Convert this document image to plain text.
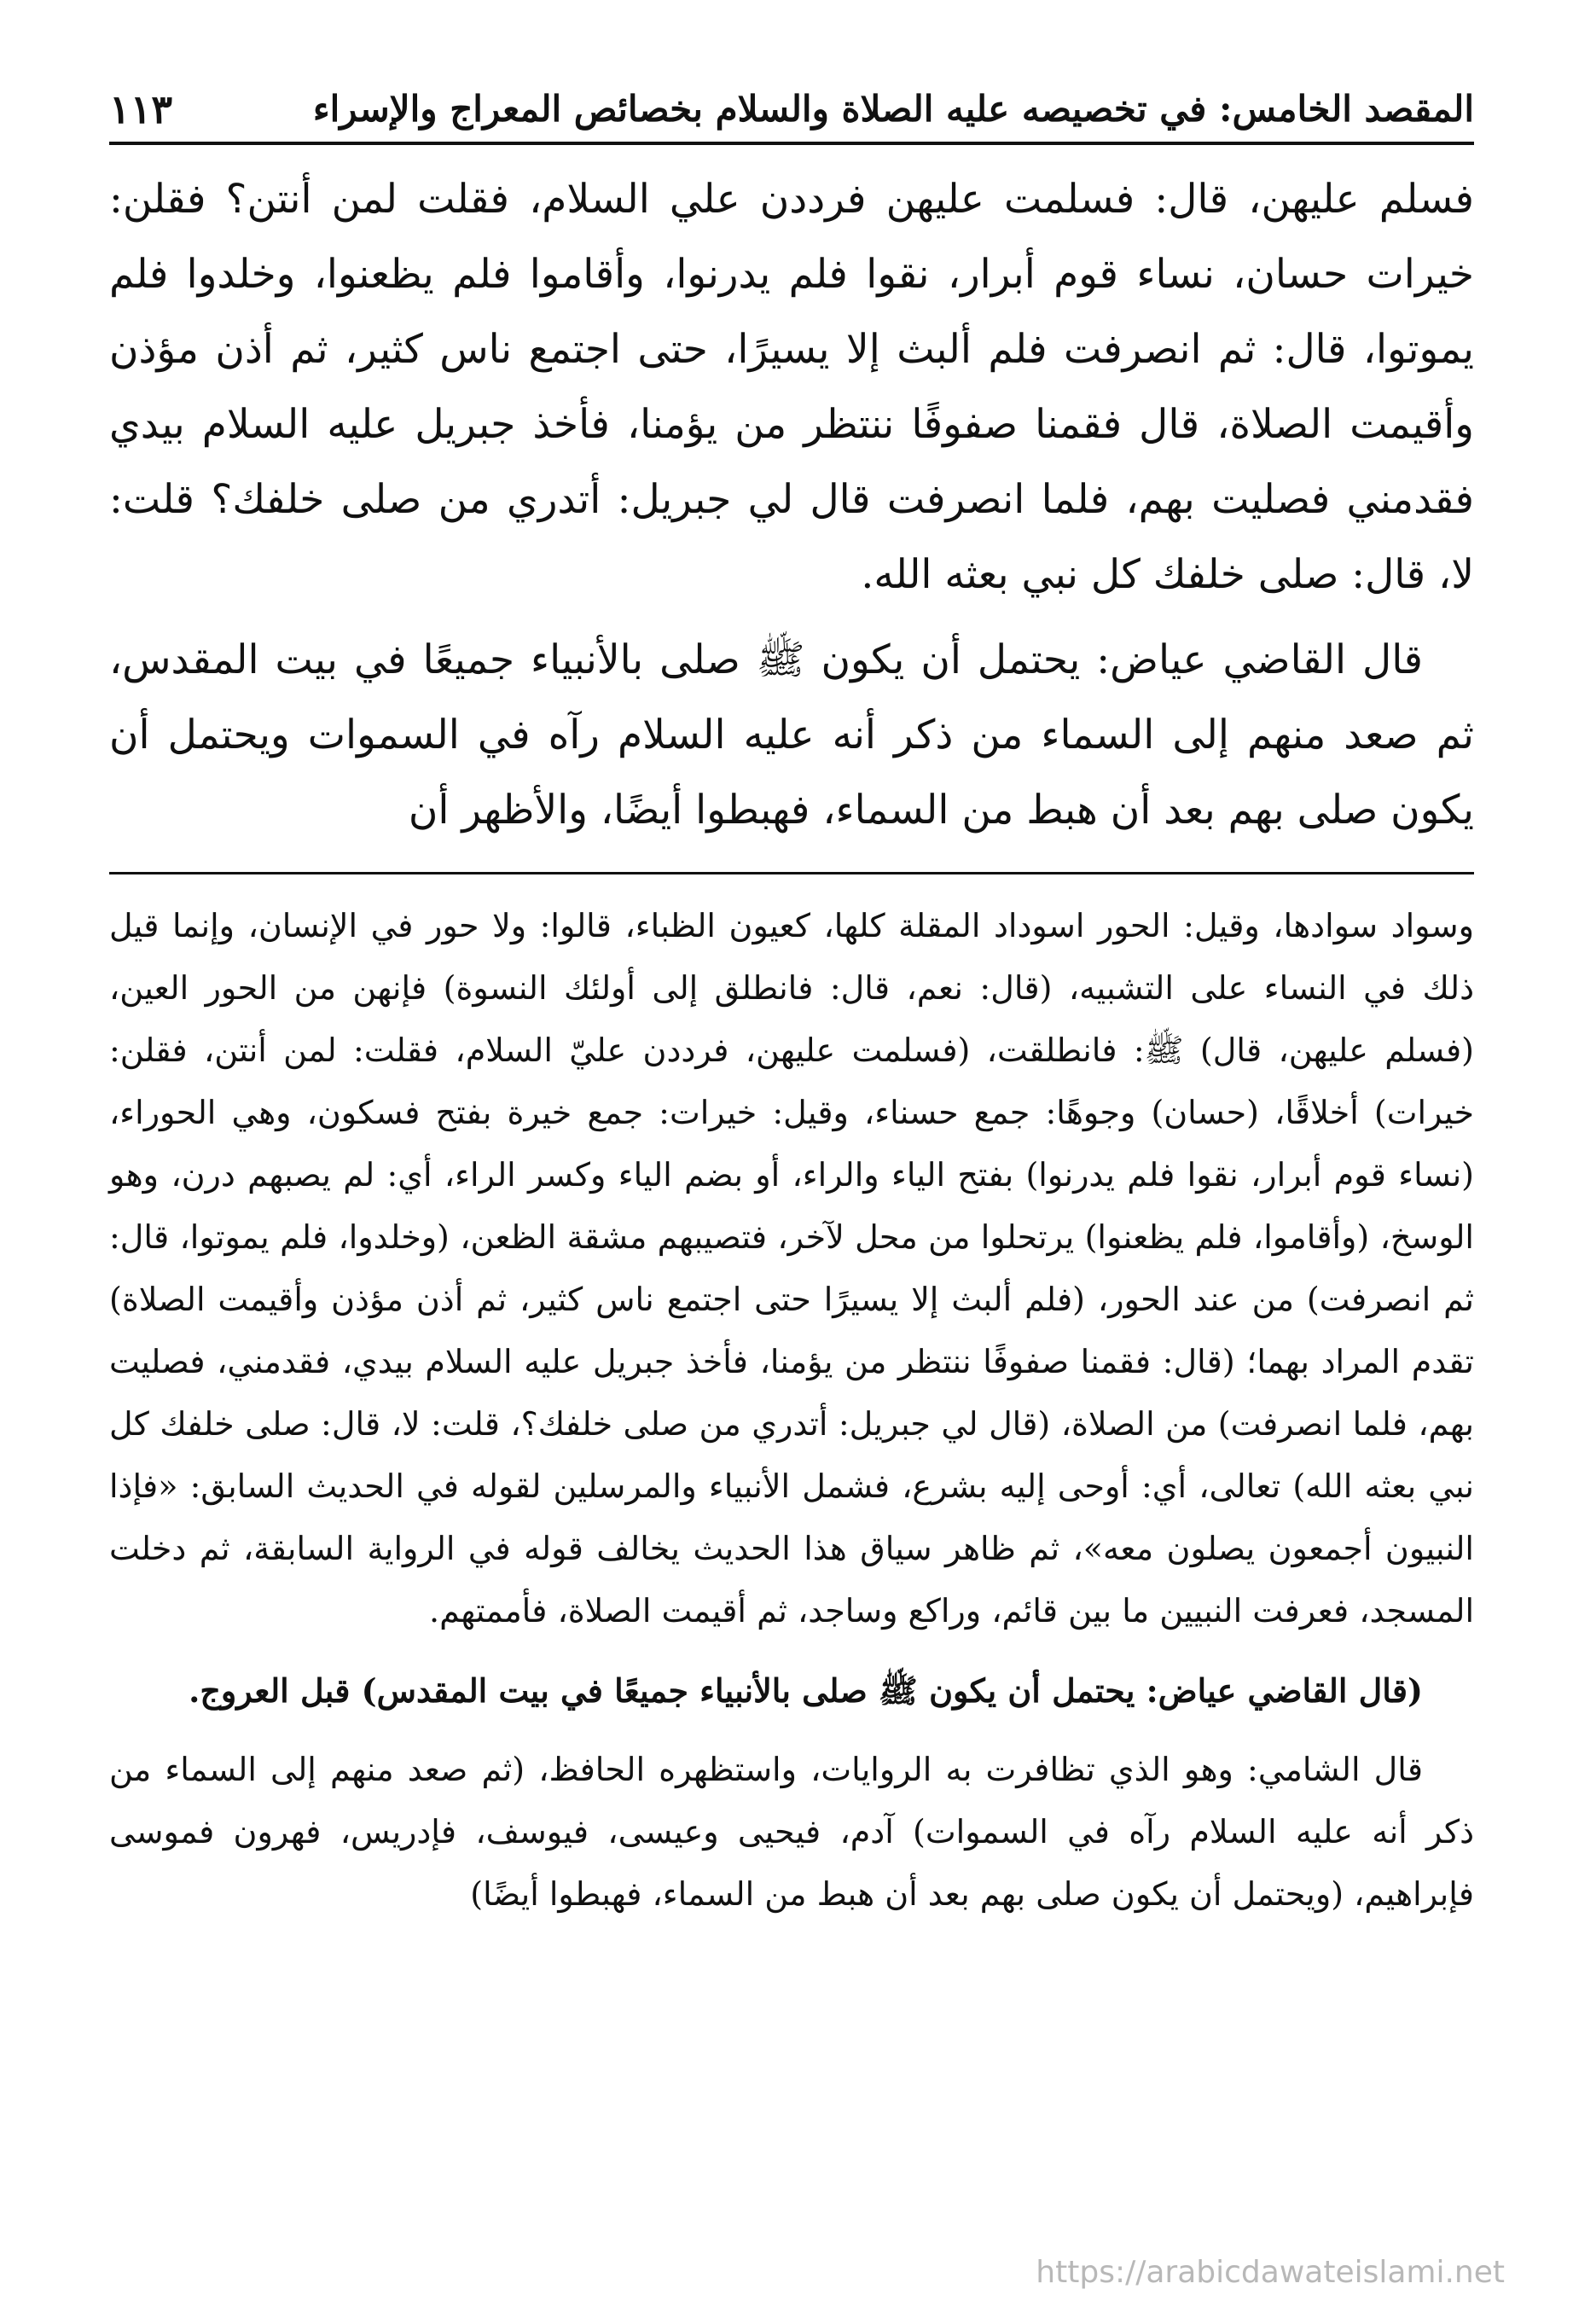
المقصد الخامس: في تخصيصه عليه الصلاة والسلام بخصائص المعراج والإسراء
١١٣

فسلم عليهن، قال: فسلمت عليهن فرددن علي السلام، فقلت لمن أنتن؟ فقلن: خيرات حسان، نساء قوم أبرار، نقوا فلم يدرنوا، وأقاموا فلم يظعنوا، وخلدوا فلم يموتوا، قال: ثم انصرفت فلم ألبث إلا يسيرًا، حتى اجتمع ناس كثير، ثم أذن مؤذن وأقيمت الصلاة، قال فقمنا صفوفًا ننتظر من يؤمنا، فأخذ جبريل عليه السلام بيدي فقدمني فصليت بهم، فلما انصرفت قال لي جبريل: أتدري من صلى خلفك؟ قلت: لا، قال: صلى خلفك كل نبي بعثه الله.

قال القاضي عياض: يحتمل أن يكون ﷺ صلى بالأنبياء جميعًا في بيت المقدس، ثم صعد منهم إلى السماء من ذكر أنه عليه السلام رآه في السموات ويحتمل أن يكون صلى بهم بعد أن هبط من السماء، فهبطوا أيضًا، والأظهر أن

وسواد سوادها، وقيل: الحور اسوداد المقلة كلها، كعيون الظباء، قالوا: ولا حور في الإنسان، وإنما قيل ذلك في النساء على التشبيه، (قال: نعم، قال: فانطلق إلى أولئك النسوة) فإنهن من الحور العين، (فسلم عليهن، قال) ﷺ: فانطلقت، (فسلمت عليهن، فرددن عليّ السلام، فقلت: لمن أنتن، فقلن: خيرات) أخلاقًا، (حسان) وجوهًا: جمع حسناء، وقيل: خيرات: جمع خيرة بفتح فسكون، وهي الحوراء، (نساء قوم أبرار، نقوا فلم يدرنوا) بفتح الياء والراء، أو بضم الياء وكسر الراء، أي: لم يصبهم درن، وهو الوسخ، (وأقاموا، فلم يظعنوا) يرتحلوا من محل لآخر، فتصيبهم مشقة الظعن، (وخلدوا، فلم يموتوا، قال: ثم انصرفت) من عند الحور، (فلم ألبث إلا يسيرًا حتى اجتمع ناس كثير، ثم أذن مؤذن وأقيمت الصلاة) تقدم المراد بهما؛ (قال: فقمنا صفوفًا ننتظر من يؤمنا، فأخذ جبريل عليه السلام بيدي، فقدمني، فصليت بهم، فلما انصرفت) من الصلاة، (قال لي جبريل: أتدري من صلى خلفك؟، قلت: لا، قال: صلى خلفك كل نبي بعثه الله) تعالى، أي: أوحى إليه بشرع، فشمل الأنبياء والمرسلين لقوله في الحديث السابق: «فإذا النبيون أجمعون يصلون معه»، ثم ظاهر سياق هذا الحديث يخالف قوله في الرواية السابقة، ثم دخلت المسجد، فعرفت النبيين ما بين قائم، وراكع وساجد، ثم أقيمت الصلاة، فأممتهم.

(قال القاضي عياض: يحتمل أن يكون ﷺ صلى بالأنبياء جميعًا في بيت المقدس) قبل العروج.

قال الشامي: وهو الذي تظافرت به الروايات، واستظهره الحافظ، (ثم صعد منهم إلى السماء من ذكر أنه عليه السلام رآه في السموات) آدم، فيحيى وعيسى، فيوسف، فإدريس، فهرون فموسى فإبراهيم، (ويحتمل أن يكون صلى بهم بعد أن هبط من السماء، فهبطوا أيضًا)

https://arabicdawateislami.net
